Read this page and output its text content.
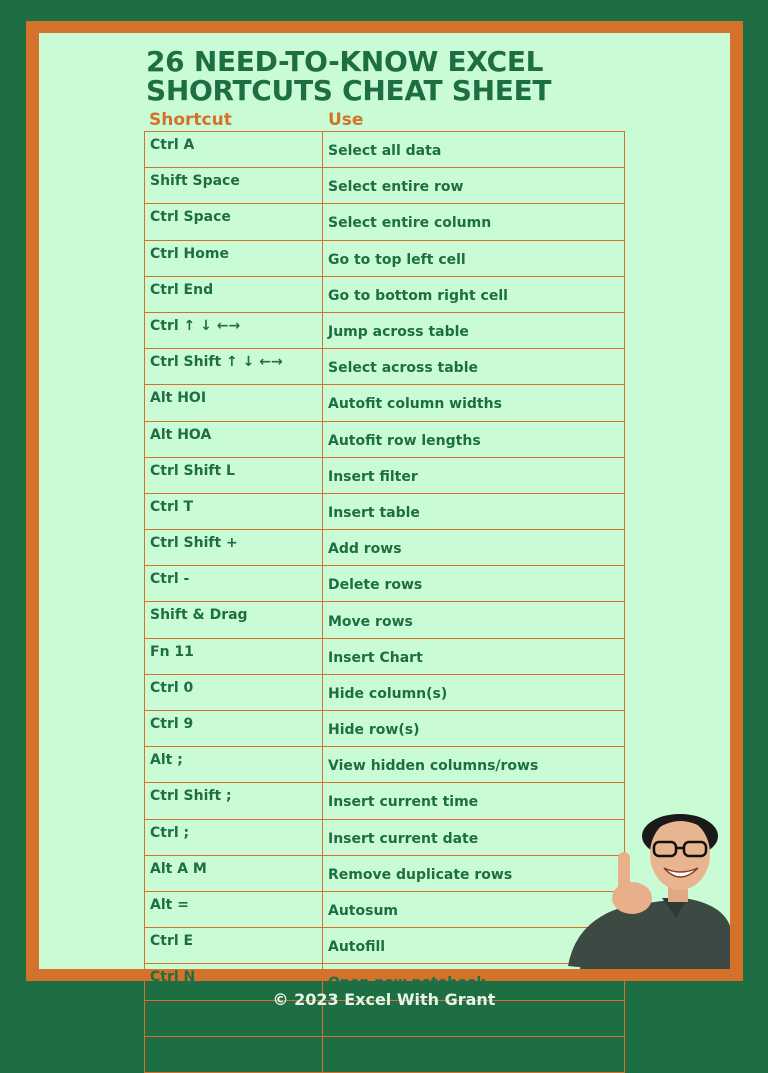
26 NEED-TO-KNOW EXCEL
SHORTCUTS CHEAT SHEET
Shortcut	Use
Ctrl A	Select all data
Shift Space	Select entire row
Ctrl Space	Select entire column
Ctrl Home	Go to top left cell
Ctrl End	Go to bottom right cell
Ctrl ↑ ↓ ←→	Jump across table
Ctrl Shift ↑ ↓ ←→	Select across table
Alt HOI	Autofit column widths
Alt HOA	Autofit row lengths
Ctrl Shift L	Insert filter
Ctrl T	Insert table
Ctrl Shift +	Add rows
Ctrl -	Delete rows
Shift & Drag	Move rows
Fn 11	Insert Chart
Ctrl 0	Hide column(s)
Ctrl 9	Hide row(s)
Alt ;	View hidden columns/rows
Ctrl Shift ;	Insert current time
Ctrl ;	Insert current date
Alt A M	Remove duplicate rows
Alt =	Autosum
Ctrl E	Autofill
Ctrl N	Open new notebook
Ctrl Shift $	Format currency
Ctrl Shift %	Format Percentage
© 2023 Excel With Grant
